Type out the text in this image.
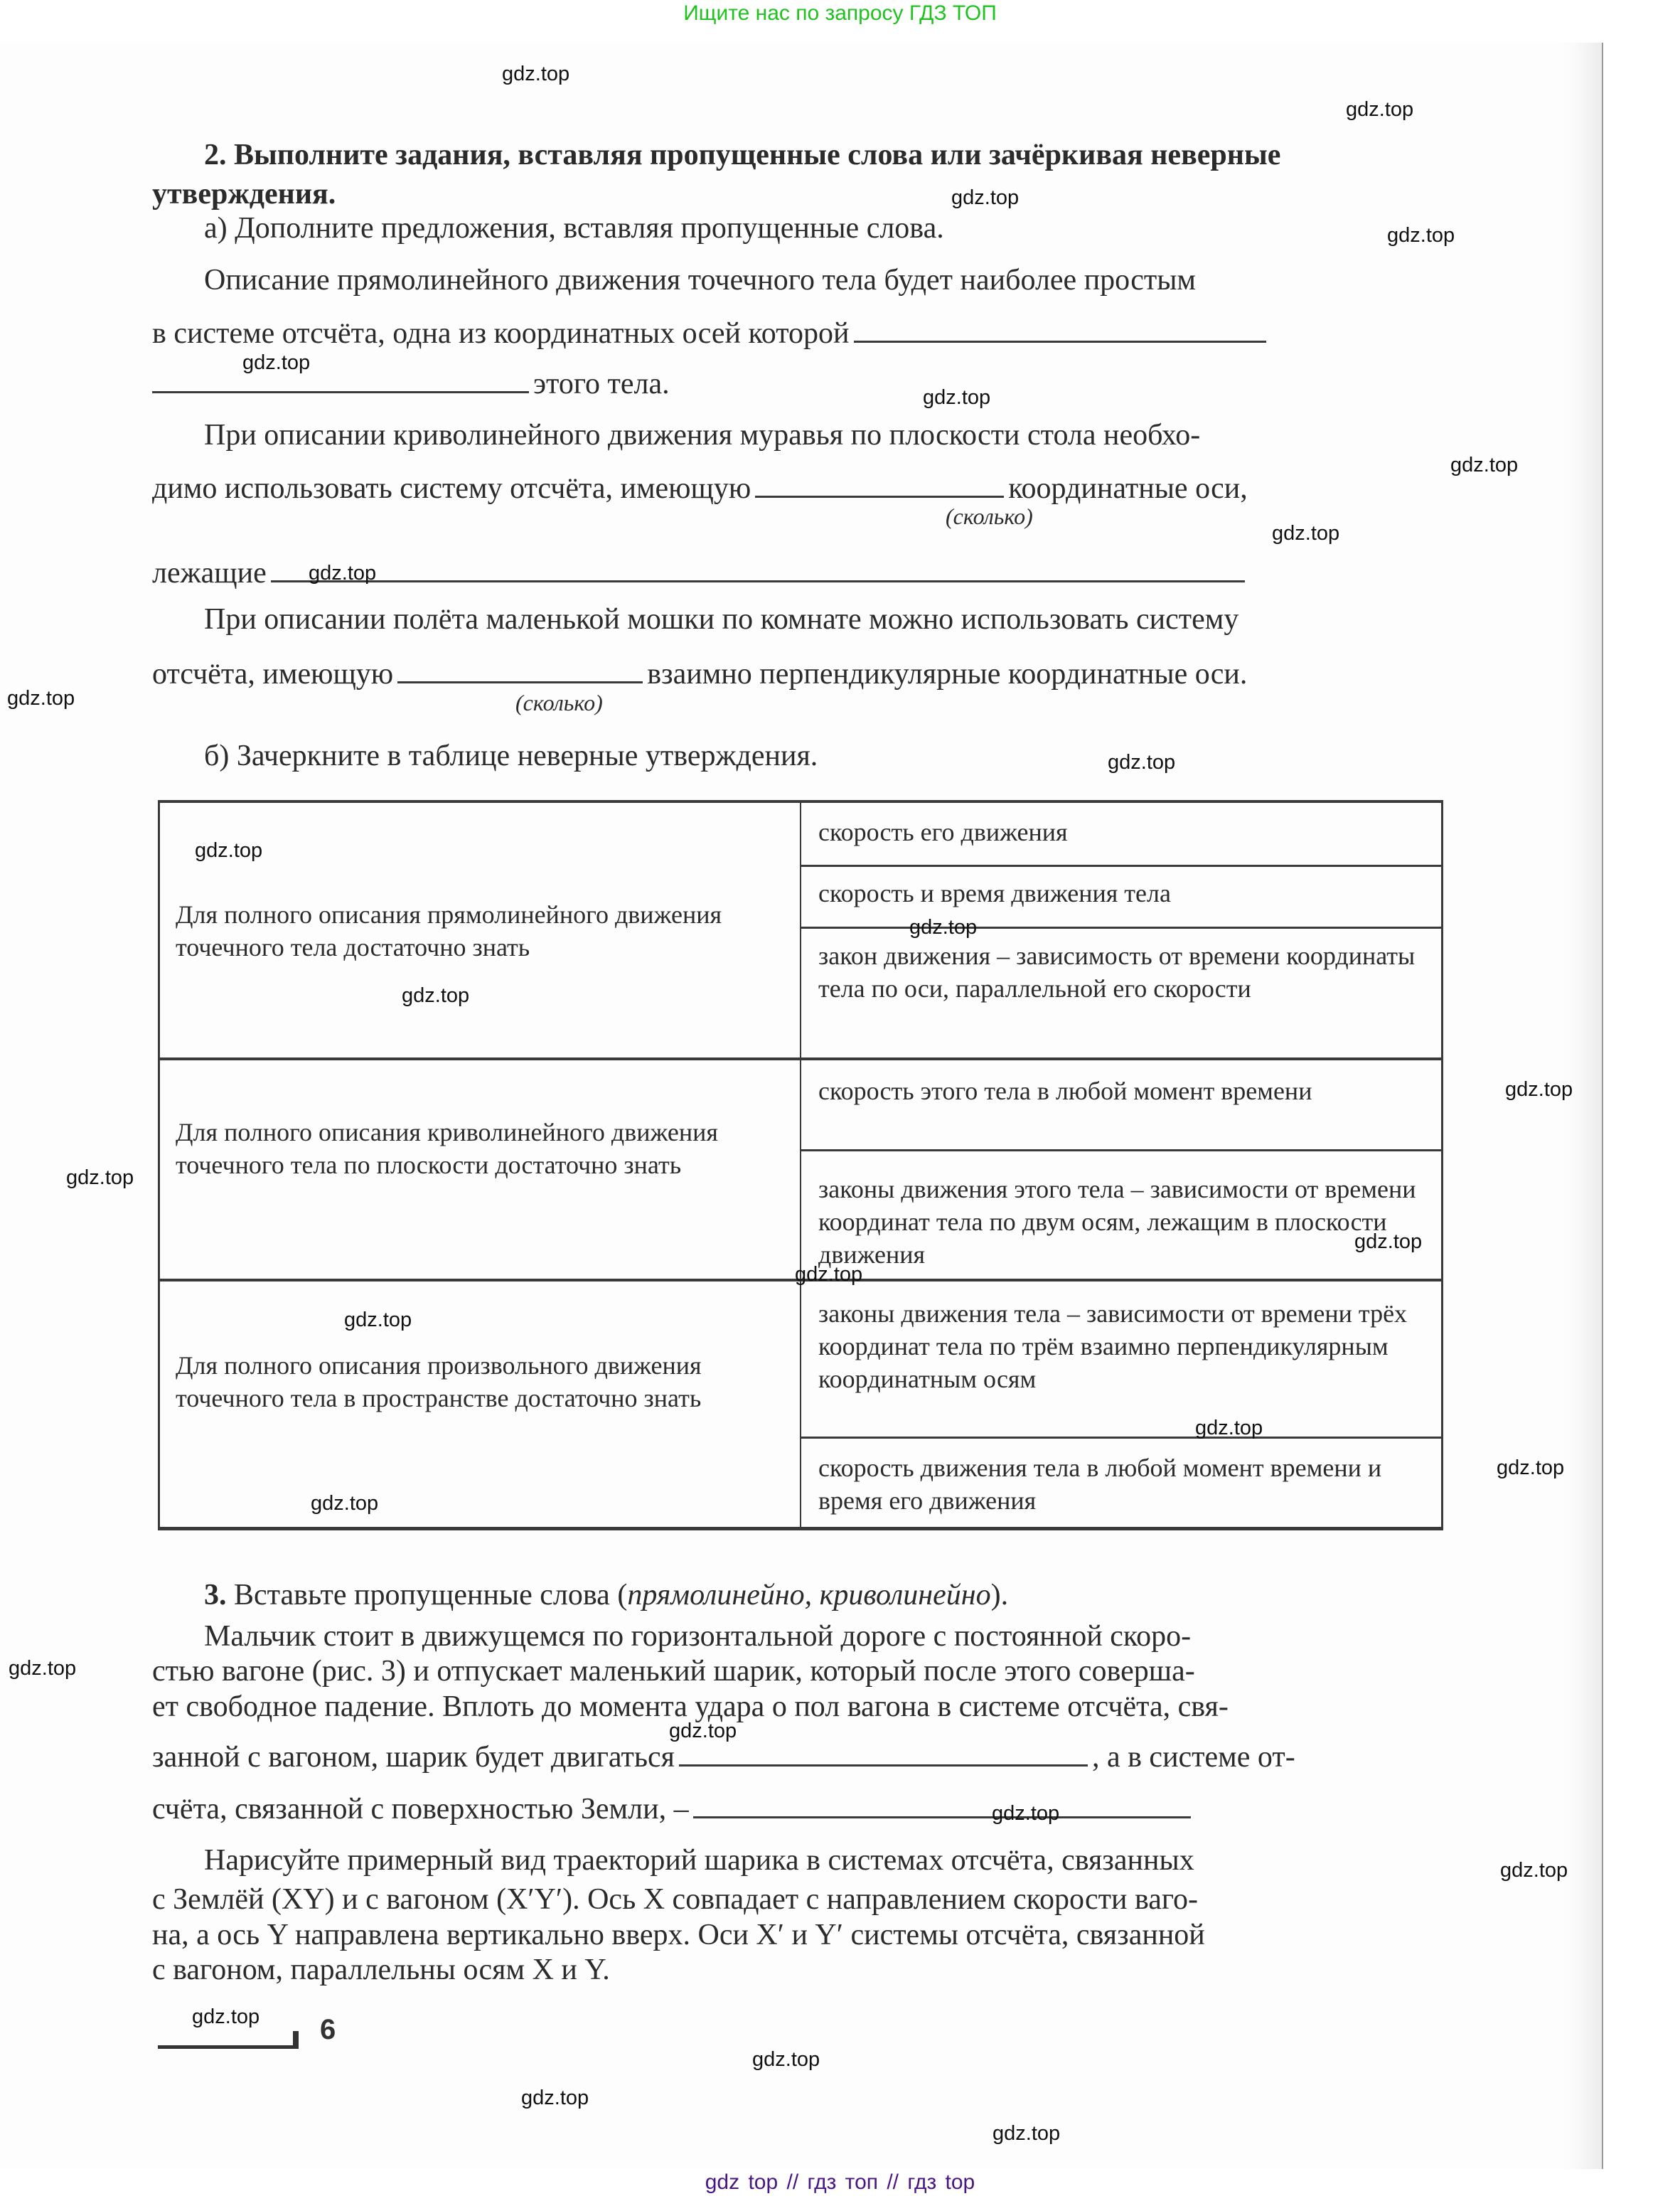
Ищите нас по запросу ГДЗ ТОП
2. Выполните задания, вставляя пропущенные слова или зачёркивая неверные
утверждения.
а) Дополните предложения, вставляя пропущенные слова.
Описание прямолинейного движения точечного тела будет наиболее простым
в системе отсчёта, одна из координатных осей которой
этого тела.
При описании криволинейного движения муравья по плоскости стола необхо-
димо использовать систему отсчёта, имеющую	координатные оси,
(сколько)
лежащие
При описании полёта маленькой мошки по комнате можно использовать систему
отсчёта, имеющую	взаимно перпендикулярные координатные оси.
(сколько)
б) Зачеркните в таблице неверные утверждения.
Для полного описания прямолинейного движения точечного тела достаточно знать
скорость его движения
скорость и время движения тела
закон движения – зависимость от времени координаты тела по оси, параллельной его скорости
Для полного описания криволинейного движения точечного тела по плоскости достаточно знать
скорость этого тела в любой момент времени
законы движения этого тела – зависимости от времени координат тела по двум осям, лежащим в плоскости движения
Для полного описания произвольного движения точечного тела в пространстве достаточно знать
законы движения тела – зависимости от времени трёх координат тела по трём взаимно перпендикулярным координатным осям
скорость движения тела в любой момент времени и время его движения
3. Вставьте пропущенные слова (прямолинейно, криволинейно).
Мальчик стоит в движущемся по горизонтальной дороге с постоянной скоро-
стью вагоне (рис. 3) и отпускает маленький шарик, который после этого соверша-
ет свободное падение. Вплоть до момента удара о пол вагона в системе отсчёта, свя-
занной с вагоном, шарик будет двигаться	, а в системе от-
счёта, связанной с поверхностью Земли, –
Нарисуйте примерный вид траекторий шарика в системах отсчёта, связанных
с Землёй (XY) и с вагоном (X′Y′). Ось X совпадает с направлением скорости ваго-
на, а ось Y направлена вертикально вверх. Оси X′ и Y′ системы отсчёта, связанной
с вагоном, параллельны осям X и Y.
6
gdz.top
gdz.top
gdz.top
gdz.top
gdz.top
gdz.top
gdz.top
gdz.top
gdz.top
gdz.top
gdz.top
gdz.top
gdz.top
gdz.top
gdz.top
gdz.top
gdz.top
gdz.top
gdz.top
gdz.top
gdz.top
gdz.top
gdz.top
gdz.top
gdz.top
gdz.top
gdz.top
gdz.top
gdz.top
gdz.top
gdz top // гдз топ // гдз top
